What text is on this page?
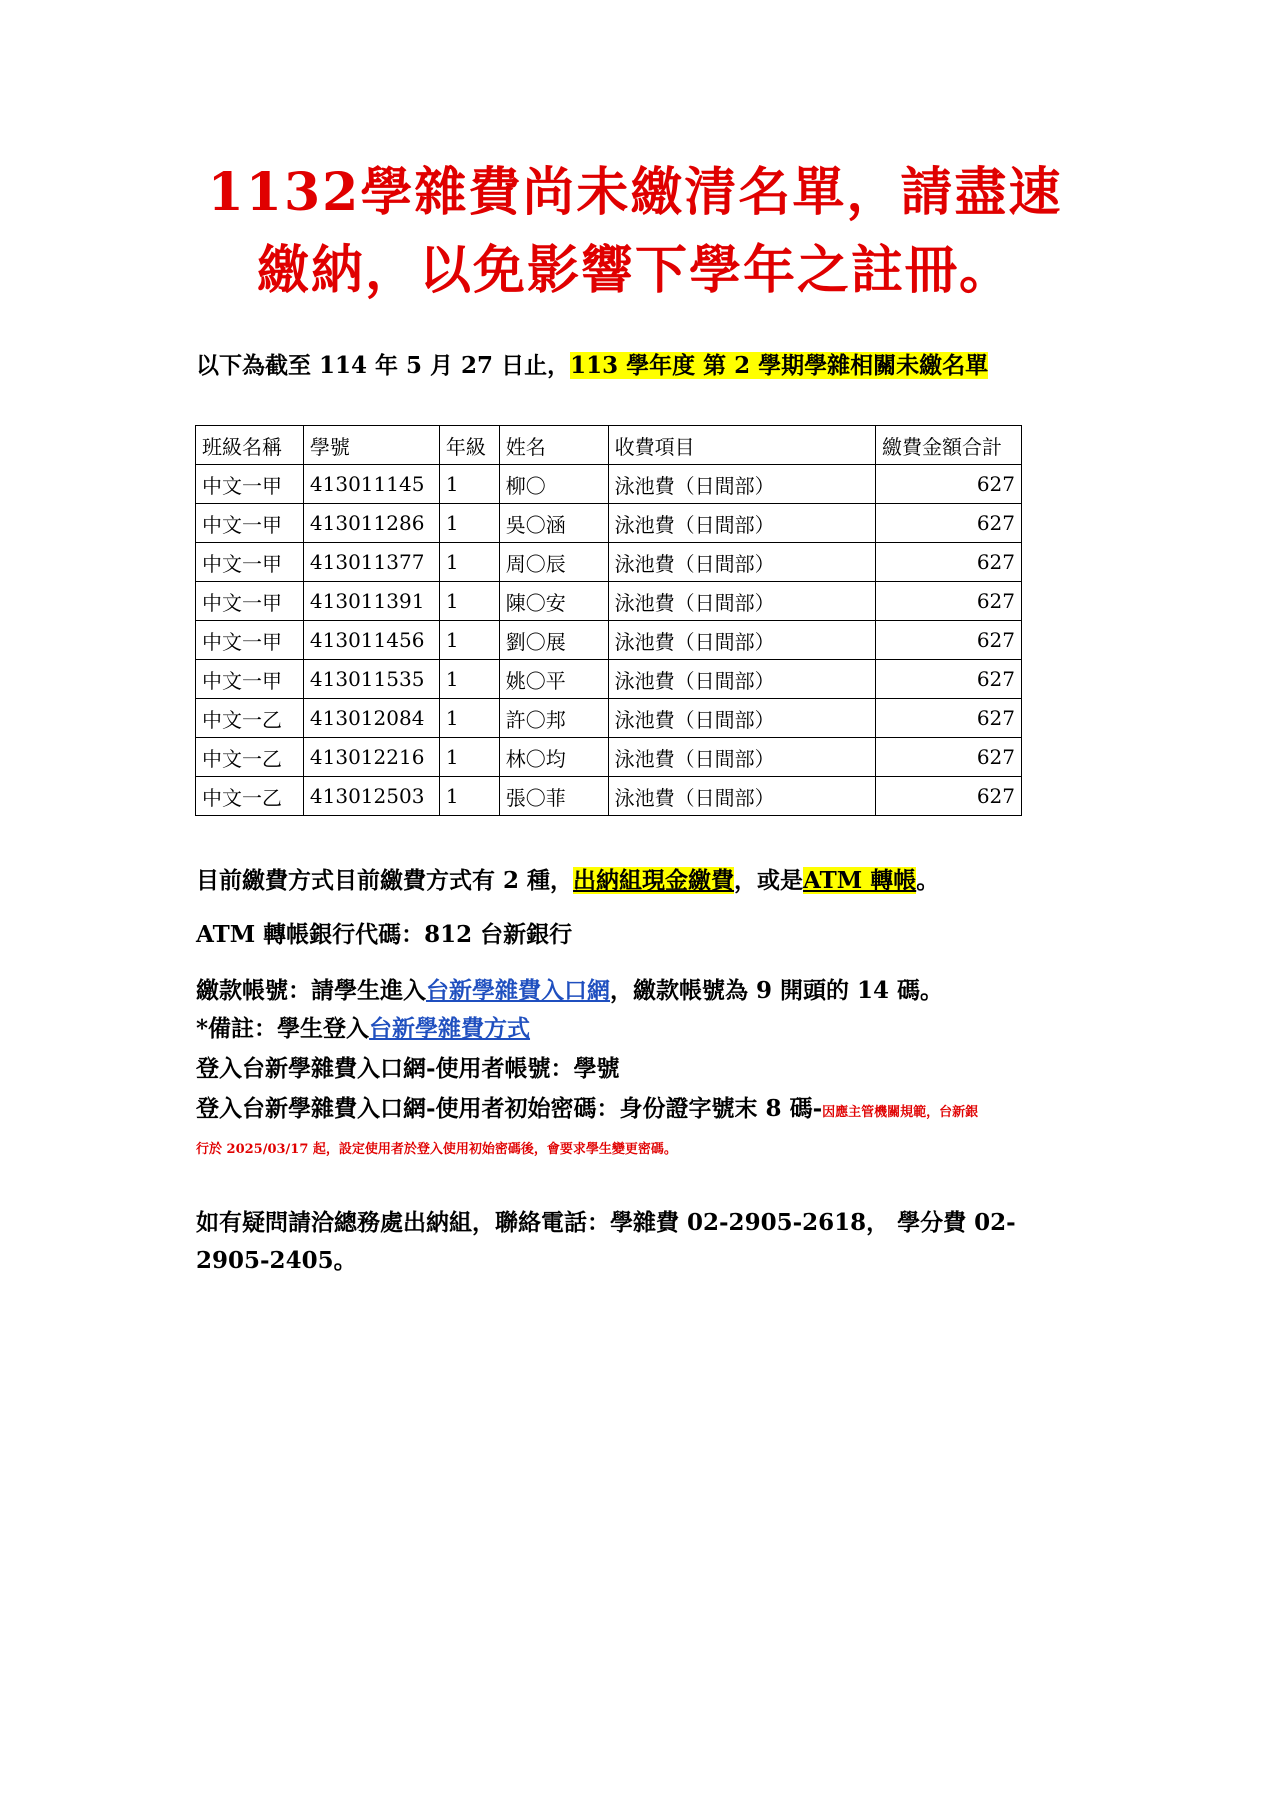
1132學雜費尚未繳清名單，請盡速
繳納，以免影響下學年之註冊。

以下為截至 114 年 5 月 27 日止，113 學年度 第 2 學期學雜相關未繳名單

班級名稱	學號	年級	姓名	收費項目	繳費金額合計
中文一甲	413011145	1	柳〇	泳池費（日間部）	627
中文一甲	413011286	1	吳〇涵	泳池費（日間部）	627
中文一甲	413011377	1	周〇辰	泳池費（日間部）	627
中文一甲	413011391	1	陳〇安	泳池費（日間部）	627
中文一甲	413011456	1	劉〇展	泳池費（日間部）	627
中文一甲	413011535	1	姚〇平	泳池費（日間部）	627
中文一乙	413012084	1	許〇邦	泳池費（日間部）	627
中文一乙	413012216	1	林〇均	泳池費（日間部）	627
中文一乙	413012503	1	張〇菲	泳池費（日間部）	627

目前繳費方式目前繳費方式有 2 種，出納組現金繳費，或是ATM 轉帳。

ATM 轉帳銀行代碼：812 台新銀行

繳款帳號：請學生進入台新學雜費入口網，繳款帳號為 9 開頭的 14 碼。

*備註：學生登入台新學雜費方式

登入台新學雜費入口網-使用者帳號：學號

登入台新學雜費入口網-使用者初始密碼：身份證字號末 8 碼-因應主管機關規範，台新銀

行於 2025/03/17 起，設定使用者於登入使用初始密碼後，會要求學生變更密碼。

如有疑問請洽總務處出納組，聯絡電話：學雜費 02-2905-2618， 學分費 02-

2905-2405。
